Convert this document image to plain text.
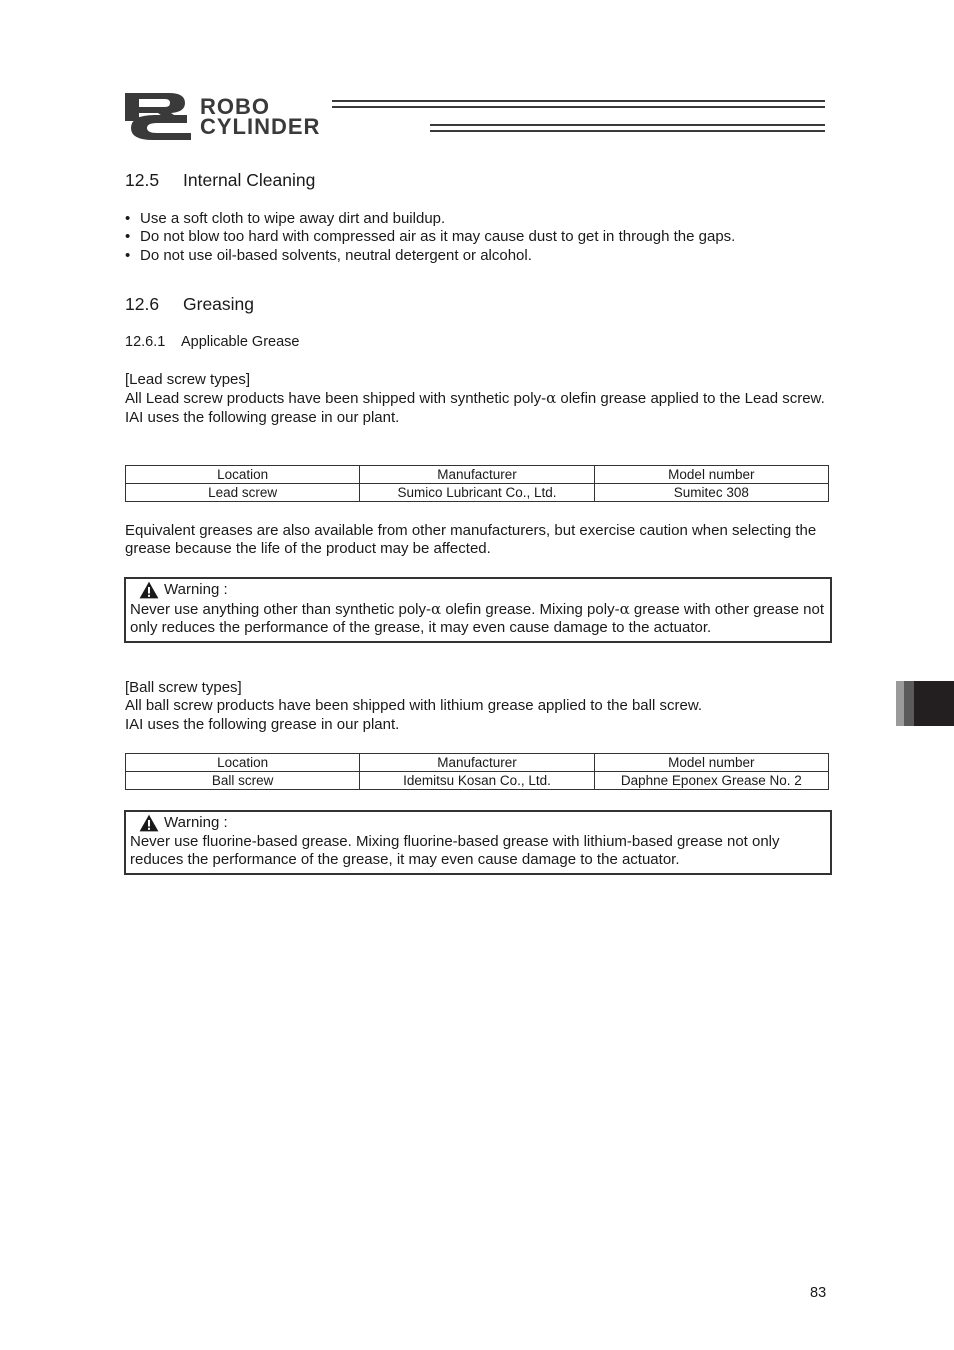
ROBO
CYLINDER
12.5 Internal Cleaning
• Use a soft cloth to wipe away dirt and buildup.
• Do not blow too hard with compressed air as it may cause dust to get in through the gaps.
• Do not use oil-based solvents, neutral detergent or alcohol.
12.6 Greasing
12.6.1 Applicable Grease
[Lead screw types]
All Lead screw products have been shipped with synthetic poly-α olefin grease applied to the Lead screw.
IAI uses the following grease in our plant.
Location	Manufacturer	Model number
Lead screw	Sumico Lubricant Co., Ltd.	Sumitec 308
Equivalent greases are also available from other manufacturers, but exercise caution when selecting the grease because the life of the product may be affected.
Warning :
Never use anything other than synthetic poly-α olefin grease. Mixing poly-α grease with other grease not only reduces the performance of the grease, it may even cause damage to the actuator.
[Ball screw types]
All ball screw products have been shipped with lithium grease applied to the ball screw.
IAI uses the following grease in our plant.
Location	Manufacturer	Model number
Ball screw	Idemitsu Kosan Co., Ltd.	Daphne Eponex Grease No. 2
Warning :
Never use fluorine-based grease. Mixing fluorine-based grease with lithium-based grease not only reduces the performance of the grease, it may even cause damage to the actuator.
83
